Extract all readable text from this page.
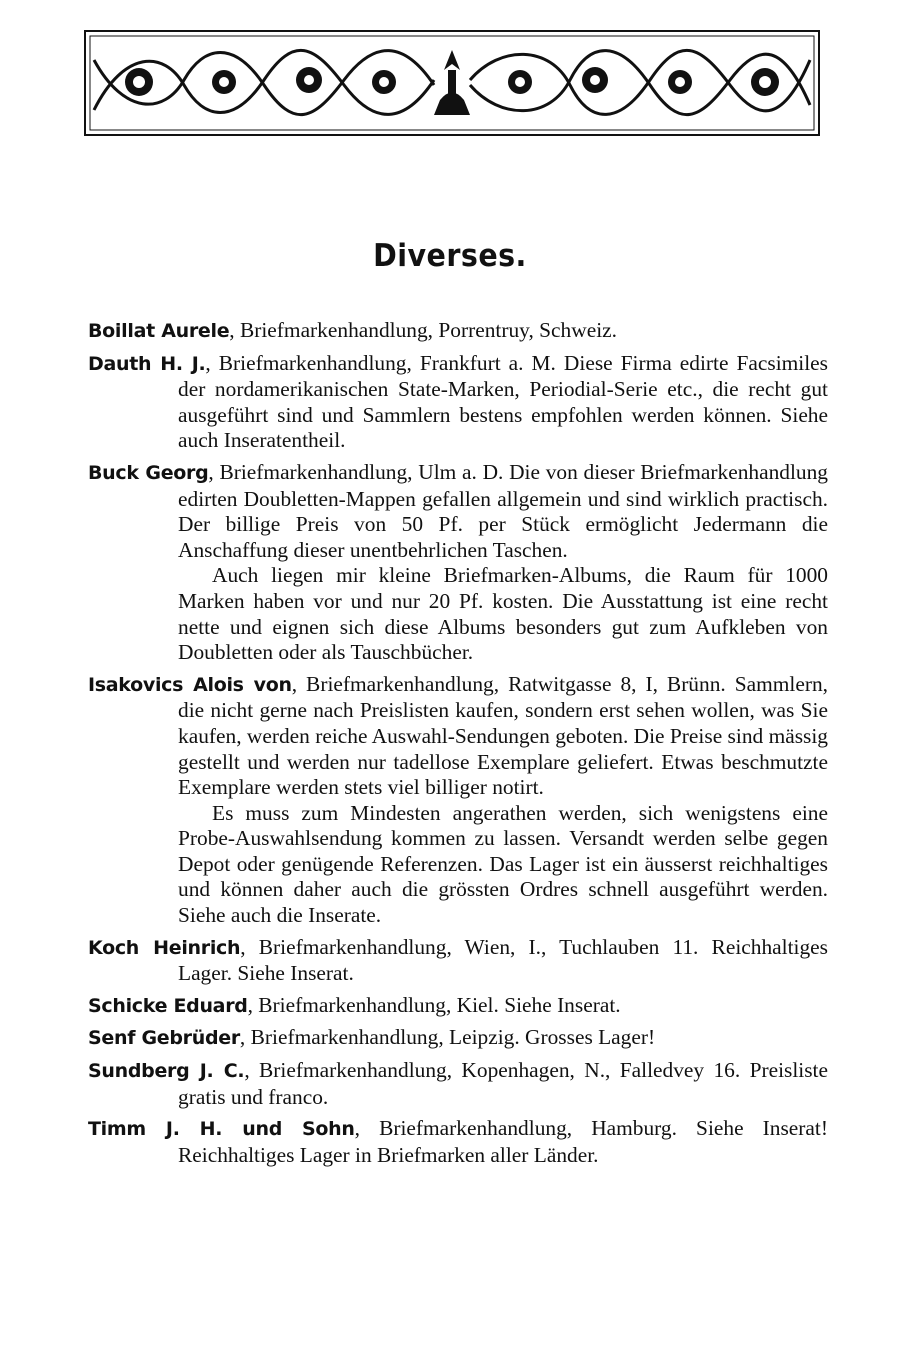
Diverses.

Boillat Aurele, Briefmarkenhandlung, Porrentruy, Schweiz.

Dauth H. J., Briefmarkenhandlung, Frankfurt a. M. Diese Firma edirte Facsimiles der nordamerikanischen State-Marken, Periodial-Serie etc., die recht gut ausgeführt sind und Sammlern bestens empfohlen werden können. Siehe auch Inseratentheil.

Buck Georg, Briefmarkenhandlung, Ulm a. D. Die von dieser Briefmarkenhandlung edirten Doubletten-Mappen gefallen allgemein und sind wirklich practisch. Der billige Preis von 50 Pf. per Stück ermöglicht Jedermann die Anschaffung dieser unentbehrlichen Taschen.
Auch liegen mir kleine Briefmarken-Albums, die Raum für 1000 Marken haben vor und nur 20 Pf. kosten. Die Ausstattung ist eine recht nette und eignen sich diese Albums besonders gut zum Aufkleben von Doubletten oder als Tauschbücher.

Isakovics Alois von, Briefmarkenhandlung, Ratwitgasse 8, I, Brünn. Sammlern, die nicht gerne nach Preislisten kaufen, sondern erst sehen wollen, was Sie kaufen, werden reiche Auswahl-Sendungen geboten. Die Preise sind mässig gestellt und werden nur tadellose Exemplare geliefert. Etwas beschmutzte Exemplare werden stets viel billiger notirt.
Es muss zum Mindesten angerathen werden, sich wenigstens eine Probe-Auswahlsendung kommen zu lassen. Versandt werden selbe gegen Depot oder genügende Referenzen. Das Lager ist ein äusserst reichhaltiges und können daher auch die grössten Ordres schnell ausgeführt werden. Siehe auch die Inserate.

Koch Heinrich, Briefmarkenhandlung, Wien, I., Tuchlauben 11. Reichhaltiges Lager. Siehe Inserat.

Schicke Eduard, Briefmarkenhandlung, Kiel. Siehe Inserat.

Senf Gebrüder, Briefmarkenhandlung, Leipzig. Grosses Lager!

Sundberg J. C., Briefmarkenhandlung, Kopenhagen, N., Falledvey 16. Preisliste gratis und franco.

Timm J. H. und Sohn, Briefmarkenhandlung, Hamburg. Siehe Inserat! Reichhaltiges Lager in Briefmarken aller Länder.
